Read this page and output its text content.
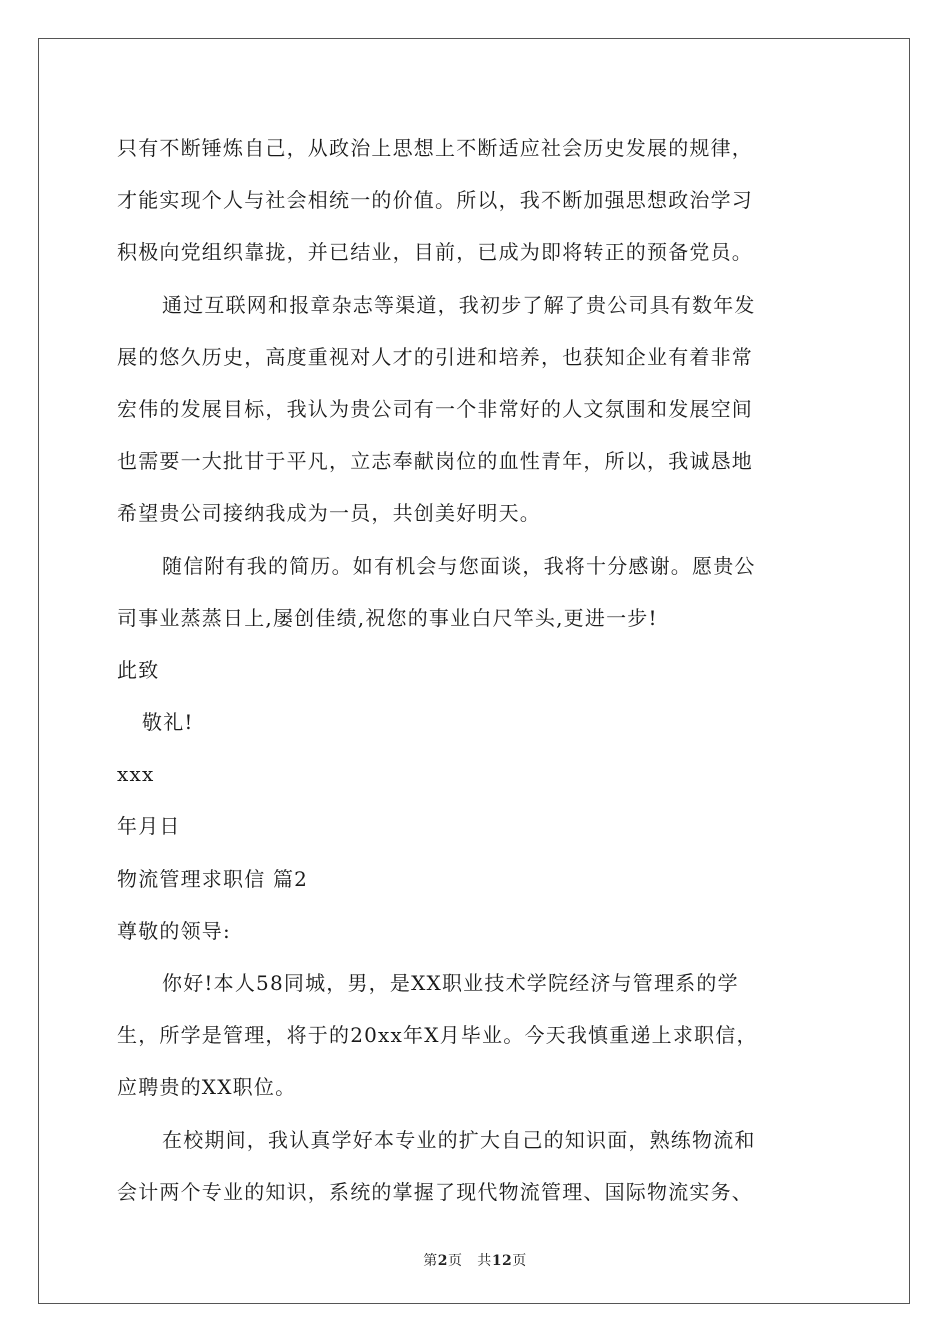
只有不断锤炼自己，从政治上思想上不断适应社会历史发展的规律，
才能实现个人与社会相统一的价值。所以，我不断加强思想政治学习
积极向党组织靠拢，并已结业，目前，已成为即将转正的预备党员。
通过互联网和报章杂志等渠道，我初步了解了贵公司具有数年发
展的悠久历史，高度重视对人才的引进和培养，也获知企业有着非常
宏伟的发展目标，我认为贵公司有一个非常好的人文氛围和发展空间
也需要一大批甘于平凡，立志奉献岗位的血性青年，所以，我诚恳地
希望贵公司接纳我成为一员，共创美好明天。
随信附有我的简历。如有机会与您面谈，我将十分感谢。愿贵公
司事业蒸蒸日上,屡创佳绩,祝您的事业白尺竿头,更进一步!
此致
敬礼!
xxx
年月日
物流管理求职信 篇2
尊敬的领导:
你好!本人58同城，男，是XX职业技术学院经济与管理系的学
生，所学是管理，将于的20xx年X月毕业。今天我慎重递上求职信，
应聘贵的XX职位。
在校期间，我认真学好本专业的扩大自己的知识面，熟练物流和
会计两个专业的知识，系统的掌握了现代物流管理、国际物流实务、
第2页   共12页
